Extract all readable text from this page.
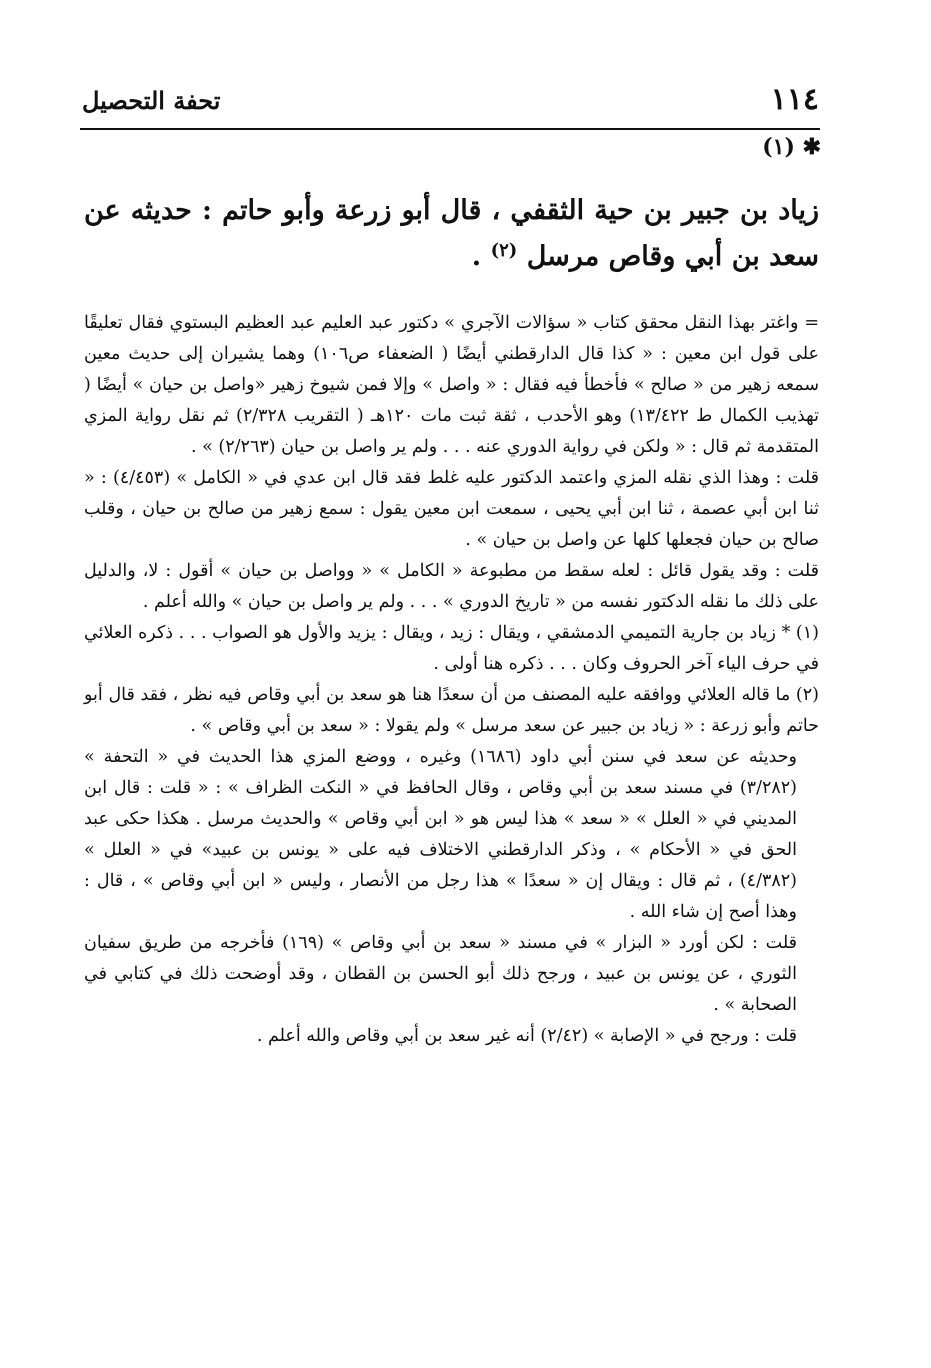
١١٤
تحفة التحصيل
✱ (١)

زياد بن جبير بن حية الثقفي ، قال أبو زرعة وأبو حاتم : حديثه عن سعد بن أبي وقاص مرسل $^{(٢)}$ .

= واغتر بهذا النقل محقق كتاب « سؤالات الآجري » دكتور عبد العليم عبد العظيم البستوي فقال تعليقًا على قول ابن معين : « كذا قال الدارقطني أيضًا ( الضعفاء ص١٠٦) وهما يشيران إلى حديث معين سمعه زهير من « صالح » فأخطأ فيه فقال : « واصل » وإلا فمن شيوخ زهير «واصل بن حيان » أيضًا ( تهذيب الكمال ط ١٣/٤٢٢) وهو الأحدب ، ثقة ثبت مات ١٢٠هـ ( التقريب ٢/٣٢٨) ثم نقل رواية المزي المتقدمة ثم قال : « ولكن في رواية الدوري عنه . . . ولم ير واصل بن حيان (٢/٢٦٣) » .

قلت : وهذا الذي نقله المزي واعتمد الدكتور عليه غلط فقد قال ابن عدي في « الكامل » (٤/٤٥٣) : « ثنا ابن أبي عصمة ، ثنا ابن أبي يحيى ، سمعت ابن معين يقول : سمع زهير من صالح بن حيان ، وقلب صالح بن حيان فجعلها كلها عن واصل بن حيان » .

قلت : وقد يقول قائل : لعله سقط من مطبوعة « الكامل » « وواصل بن حيان » أقول : لا، والدليل على ذلك ما نقله الدكتور نفسه من « تاريخ الدوري » . . . ولم ير واصل بن حيان » والله أعلم .

(١) * زياد بن جارية التميمي الدمشقي ، ويقال : زيد ، ويقال : يزيد والأول هو الصواب . . . ذكره العلائي في حرف الياء آخر الحروف وكان . . . ذكره هنا أولى .

(٢) ما قاله العلائي ووافقه عليه المصنف من أن سعدًا هنا هو سعد بن أبي وقاص فيه نظر ، فقد قال أبو حاتم وأبو زرعة : « زياد بن جبير عن سعد مرسل » ولم يقولا : « سعد بن أبي وقاص » .

وحديثه عن سعد في سنن أبي داود (١٦٨٦) وغيره ، ووضع المزي هذا الحديث في « التحفة » (٣/٢٨٢) في مسند سعد بن أبي وقاص ، وقال الحافظ في « النكت الظراف » : « قلت : قال ابن المديني في « العلل » « سعد » هذا ليس هو « ابن أبي وقاص » والحديث مرسل . هكذا حكى عبد الحق في « الأحكام » ، وذكر الدارقطني الاختلاف فيه على « يونس بن عبيد» في « العلل » (٤/٣٨٢) ، ثم قال : ويقال إن « سعدًا » هذا رجل من الأنصار ، وليس « ابن أبي وقاص » ، قال : وهذا أصح إن شاء الله .

قلت : لكن أورد « البزار » في مسند « سعد بن أبي وقاص » (١٦٩) فأخرجه من طريق سفيان الثوري ، عن يونس بن عبيد ، ورجح ذلك أبو الحسن بن القطان ، وقد أوضحت ذلك في كتابي في الصحابة » .

قلت : ورجح في « الإصابة » (٢/٤٢) أنه غير سعد بن أبي وقاص والله أعلم .
